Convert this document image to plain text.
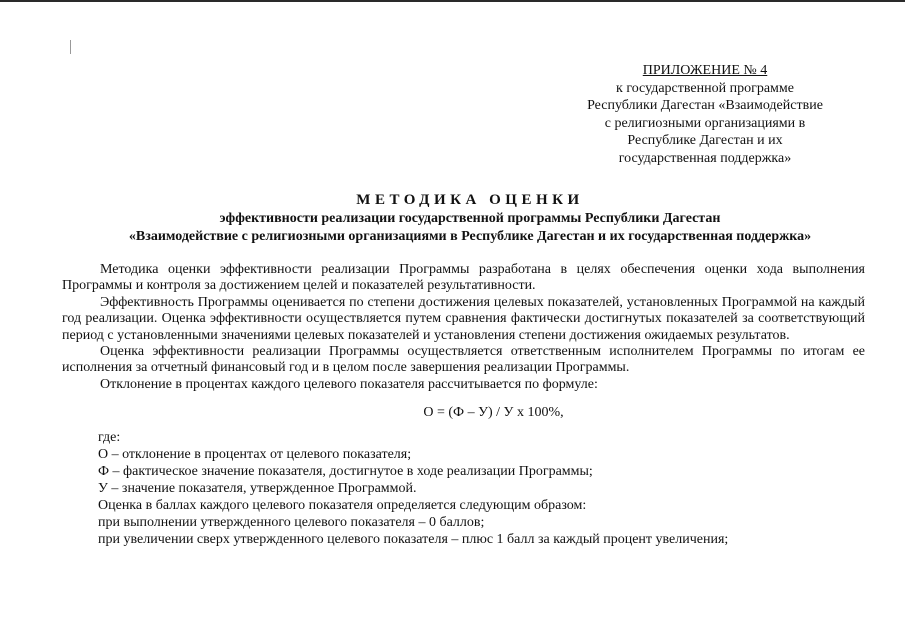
ПРИЛОЖЕНИЕ № 4
к государственной программе
Республики Дагестан «Взаимодействие
с религиозными организациями в
Республике Дагестан и их
государственная поддержка»
МЕТОДИКА ОЦЕНКИ
эффективности реализации государственной программы Республики Дагестан
«Взаимодействие с религиозными организациями в Республике Дагестан и их государственная поддержка»

Методика оценки эффективности реализации Программы разработана в целях обеспечения оценки хода выполнения Программы и контроля за достижением целей и показателей результативности.

Эффективность Программы оценивается по степени достижения целевых показателей, установленных Программой на каждый год реализации. Оценка эффективности осуществляется путем сравнения фактически достигнутых показателей за соответствующий период с установленными значениями целевых показателей и установления степени достижения ожидаемых результатов.

Оценка эффективности реализации Программы осуществляется ответственным исполнителем Программы по итогам ее исполнения за отчетный финансовый год и в целом после завершения реализации Программы.

Отклонение в процентах каждого целевого показателя рассчитывается по формуле:

О = (Ф – У) / У х 100%,
где:
О – отклонение в процентах от целевого показателя;
Ф – фактическое значение показателя, достигнутое в ходе реализации Программы;
У – значение показателя, утвержденное Программой.
Оценка в баллах каждого целевого показателя определяется следующим образом:
при выполнении утвержденного целевого показателя – 0 баллов;
при увеличении сверх утвержденного целевого показателя – плюс 1 балл за каждый процент увеличения;
